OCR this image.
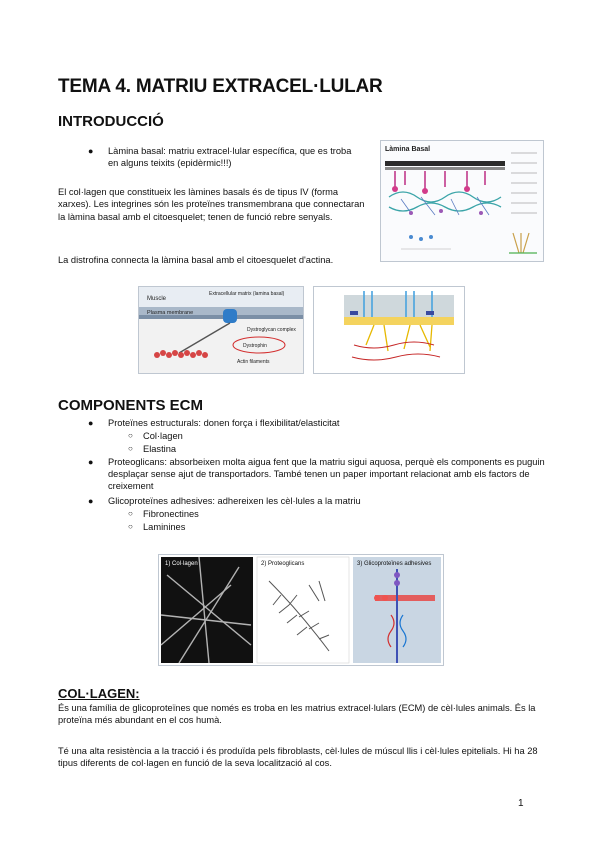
TEMA 4. MATRIU EXTRACEL·LULAR
INTRODUCCIÓ
● Làmina basal: matriu extracel·lular específica, que es troba en alguns teixits (epidèrmic!!!)

El col·lagen que constitueix les làmines basals és de tipus IV (forma xarxes). Les integrines són les proteïnes transmembrana que connectaran la làmina basal amb el citoesquelet; tenen de funció rebre senyals.

La distrofina connecta la làmina basal amb el citoesquelet d'actina.

Làmina Basal
Muscle
Extracellular matrix (lamina basal)
Plasma membrane
Dystroglycan complex
Dystrophin
Actin filaments
COMPONENTS ECM
● Proteïnes estructurals: donen força i flexibilitat/elasticitat
○ Col·lagen
○ Elastina
● Proteoglicans: absorbeixen molta aigua fent que la matriu sigui aquosa, perquè els components es puguin desplaçar sense ajut de transportadors. També tenen un paper important relacionat amb els factors de creixement
● Glicoproteïnes adhesives: adhereixen les cèl·lules a la matriu
○ Fibronectines
○ Laminines
1) Col·lagen	2) Proteoglicans	3) Glicoproteïnes adhesives
COL·LAGEN:

És una família de glicoproteïnes que només es troba en les matrius extracel·lulars (ECM) de cèl·lules animals. És la proteïna més abundant en el cos humà.

Té una alta resistència a la tracció i és produïda pels fibroblasts, cèl·lules de múscul llis i cèl·lules epitelials. Hi ha 28 tipus diferents de col·lagen en funció de la seva localització al cos.

1
